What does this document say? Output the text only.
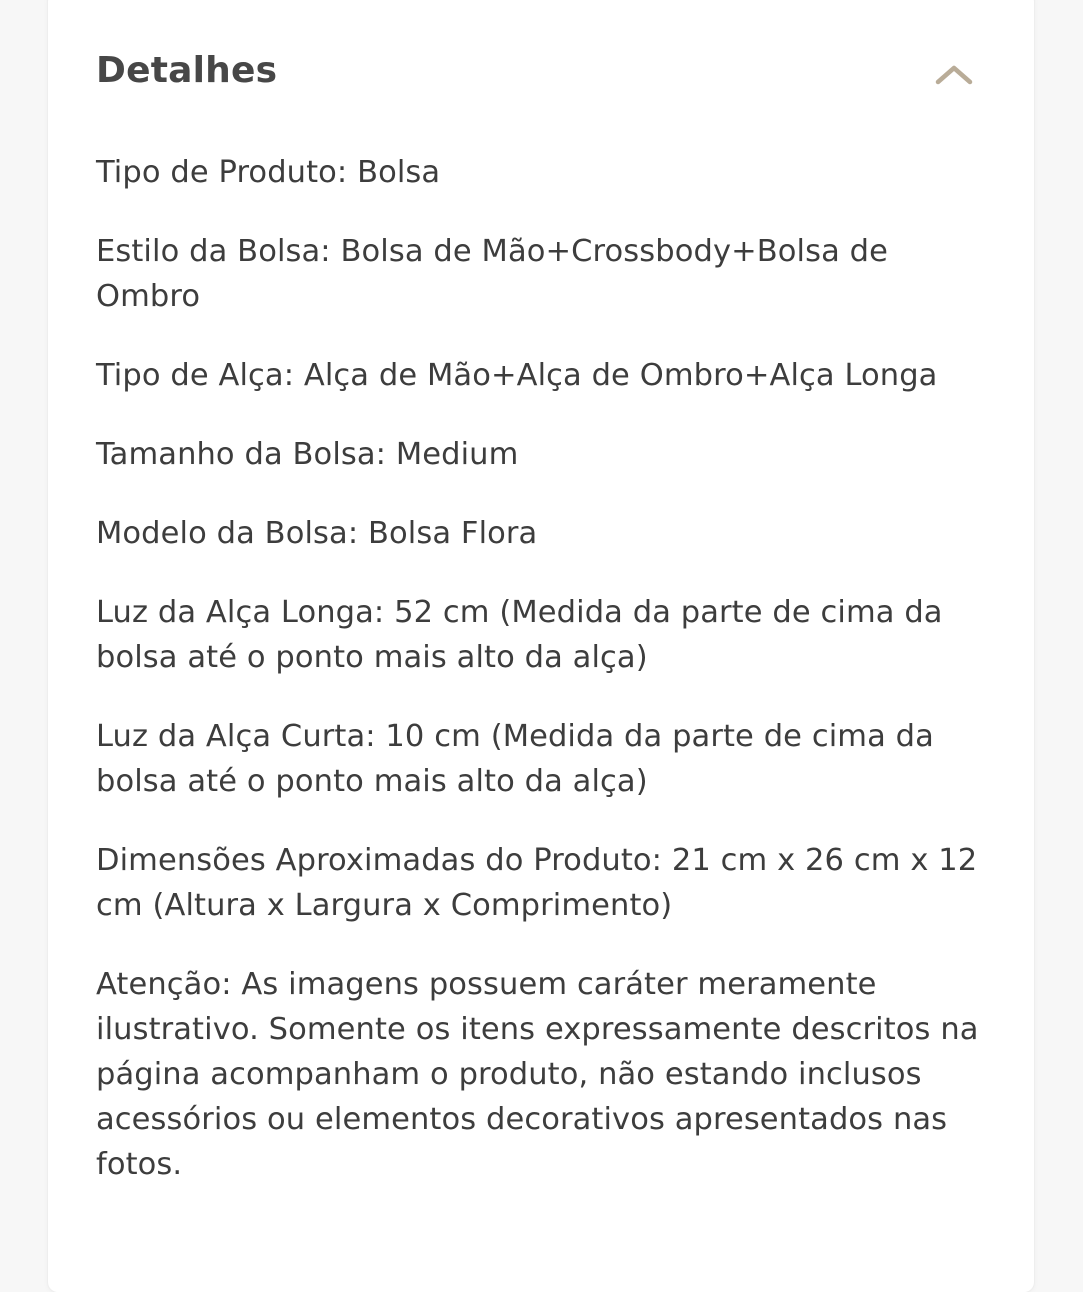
Detalhes
Tipo de Produto: Bolsa
Estilo da Bolsa: Bolsa de Mão+Crossbody+Bolsa de Ombro
Tipo de Alça: Alça de Mão+Alça de Ombro+Alça Longa
Tamanho da Bolsa: Medium
Modelo da Bolsa: Bolsa Flora
Luz da Alça Longa: 52 cm (Medida da parte de cima da bolsa até o ponto mais alto da alça)
Luz da Alça Curta: 10 cm (Medida da parte de cima da bolsa até o ponto mais alto da alça)
Dimensões Aproximadas do Produto: 21 cm x 26 cm x 12 cm (Altura x Largura x Comprimento)
Atenção: As imagens possuem caráter meramente ilustrativo. Somente os itens expressamente descritos na página acompanham o produto, não estando inclusos acessórios ou elementos decorativos apresentados nas fotos.
